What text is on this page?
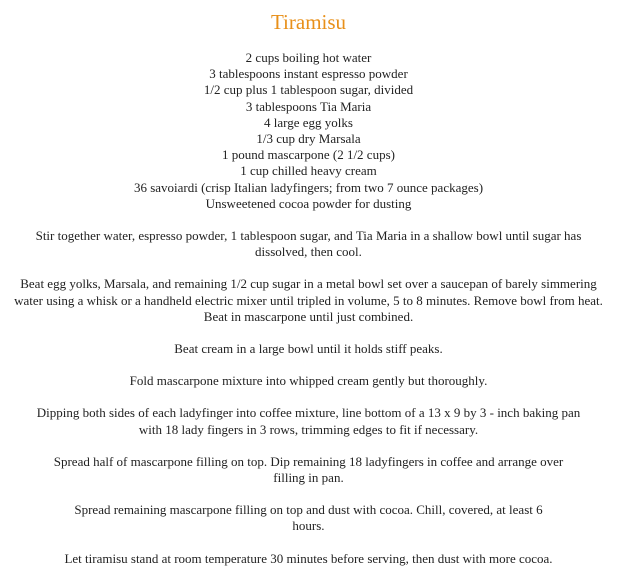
Tiramisu
2 cups boiling hot water
3 tablespoons instant espresso powder
1/2 cup plus 1 tablespoon sugar, divided
3 tablespoons Tia Maria
4 large egg yolks
1/3 cup dry Marsala
1 pound mascarpone (2 1/2 cups)
1 cup chilled heavy cream
36 savoiardi (crisp Italian ladyfingers; from two 7 ounce packages)
Unsweetened cocoa powder for dusting

Stir together water, espresso powder, 1 tablespoon sugar, and Tia Maria in a shallow bowl until sugar has dissolved, then cool.

Beat egg yolks, Marsala, and remaining 1/2 cup sugar in a metal bowl set over a saucepan of barely simmering water using a whisk or a handheld electric mixer until tripled in volume, 5 to 8 minutes. Remove bowl from heat. Beat in mascarpone until just combined.

Beat cream in a large bowl until it holds stiff peaks.

Fold mascarpone mixture into whipped cream gently but thoroughly.

Dipping both sides of each ladyfinger into coffee mixture, line bottom of a 13 x 9 by 3 - inch baking pan with 18 lady fingers in 3 rows, trimming edges to fit if necessary.

Spread half of mascarpone filling on top. Dip remaining 18 ladyfingers in coffee and arrange over filling in pan.

Spread remaining mascarpone filling on top and dust with cocoa. Chill, covered, at least 6 hours.

Let tiramisu stand at room temperature 30 minutes before serving, then dust with more cocoa.
